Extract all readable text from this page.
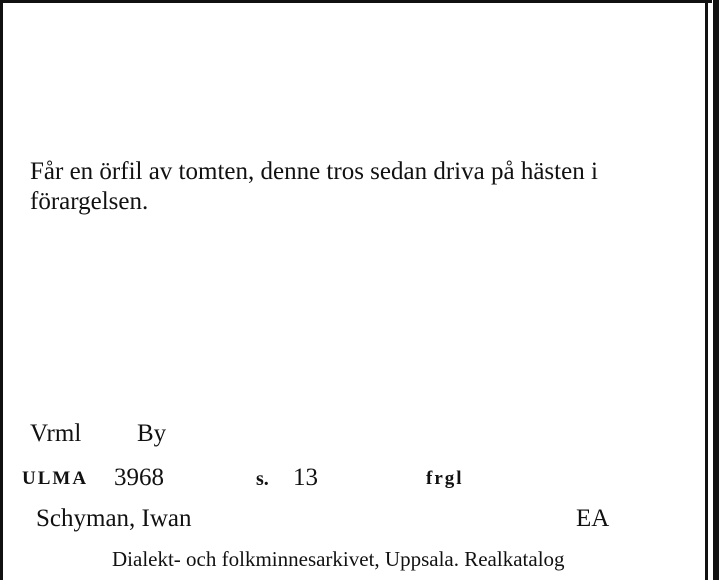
Får en örfil av tomten, denne tros sedan driva på hästen i förargelsen.

Vrml By
ULMA 3968	s. 13	frgl
Schyman, Iwan	EA
Dialekt- och folkminnesarkivet, Uppsala. Realkatalog
